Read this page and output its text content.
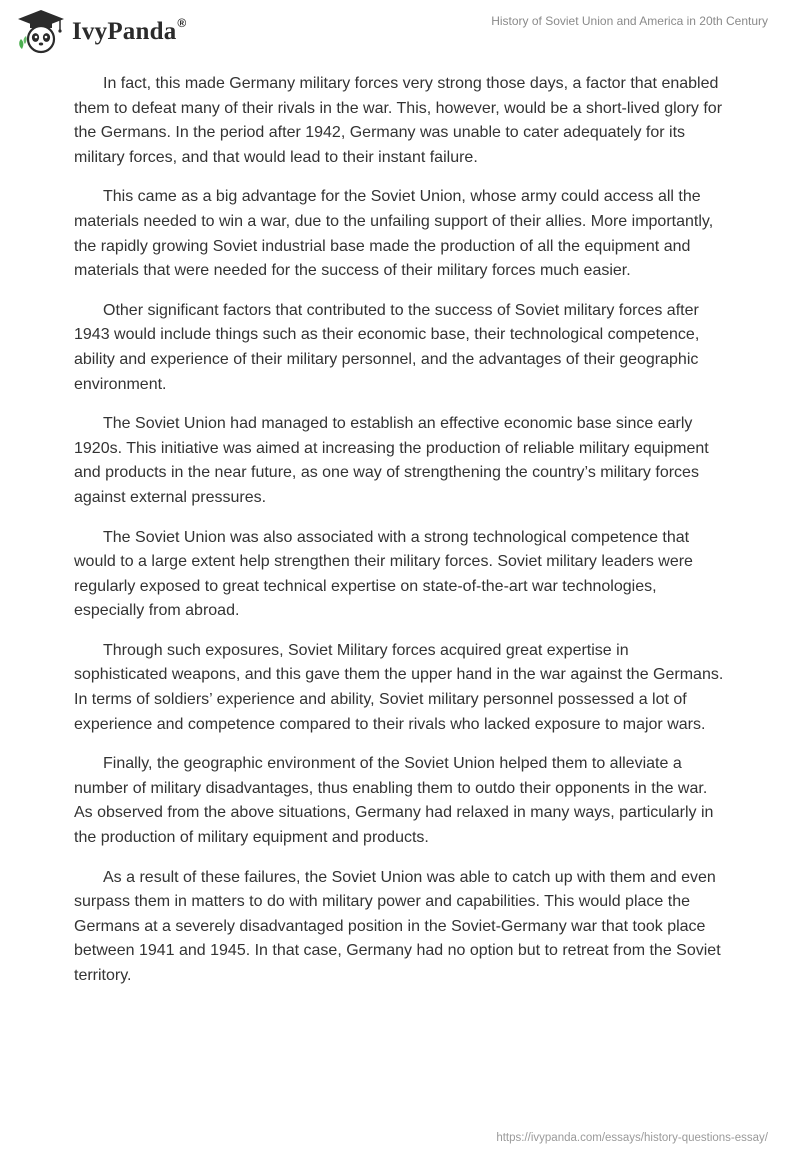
IvyPanda®	History of Soviet Union and America in 20th Century

In fact, this made Germany military forces very strong those days, a factor that enabled them to defeat many of their rivals in the war. This, however, would be a short-lived glory for the Germans. In the period after 1942, Germany was unable to cater adequately for its military forces, and that would lead to their instant failure.

This came as a big advantage for the Soviet Union, whose army could access all the materials needed to win a war, due to the unfailing support of their allies. More importantly, the rapidly growing Soviet industrial base made the production of all the equipment and materials that were needed for the success of their military forces much easier.

Other significant factors that contributed to the success of Soviet military forces after 1943 would include things such as their economic base, their technological competence, ability and experience of their military personnel, and the advantages of their geographic environment.

The Soviet Union had managed to establish an effective economic base since early 1920s. This initiative was aimed at increasing the production of reliable military equipment and products in the near future, as one way of strengthening the country’s military forces against external pressures.

The Soviet Union was also associated with a strong technological competence that would to a large extent help strengthen their military forces. Soviet military leaders were regularly exposed to great technical expertise on state-of-the-art war technologies, especially from abroad.

Through such exposures, Soviet Military forces acquired great expertise in sophisticated weapons, and this gave them the upper hand in the war against the Germans. In terms of soldiers’ experience and ability, Soviet military personnel possessed a lot of experience and competence compared to their rivals who lacked exposure to major wars.

Finally, the geographic environment of the Soviet Union helped them to alleviate a number of military disadvantages, thus enabling them to outdo their opponents in the war. As observed from the above situations, Germany had relaxed in many ways, particularly in the production of military equipment and products.

As a result of these failures, the Soviet Union was able to catch up with them and even surpass them in matters to do with military power and capabilities. This would place the Germans at a severely disadvantaged position in the Soviet-Germany war that took place between 1941 and 1945. In that case, Germany had no option but to retreat from the Soviet territory.

https://ivypanda.com/essays/history-questions-essay/
